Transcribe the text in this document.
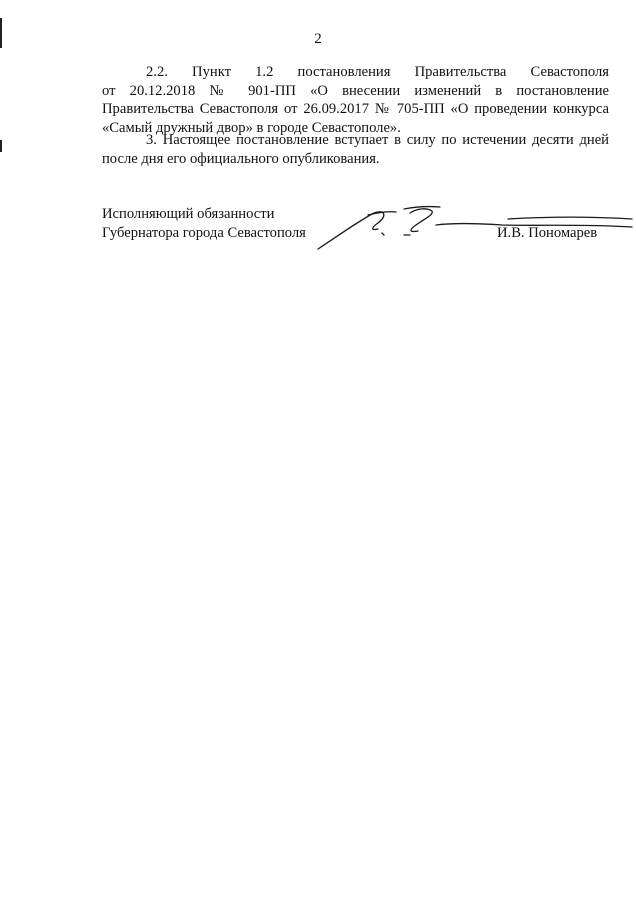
2

2.2. Пункт 1.2 постановления Правительства Севастополя
от 20.12.2018 № 901-ПП «О внесении изменений в постановление
Правительства Севастополя от 26.09.2017 № 705-ПП «О проведении конкурса
«Самый дружный двор» в городе Севастополе».

3. Настоящее постановление вступает в силу по истечении десяти дней
после дня его официального опубликования.

Исполняющий обязанности
Губернатора города Севастополя	И.В. Пономарев
